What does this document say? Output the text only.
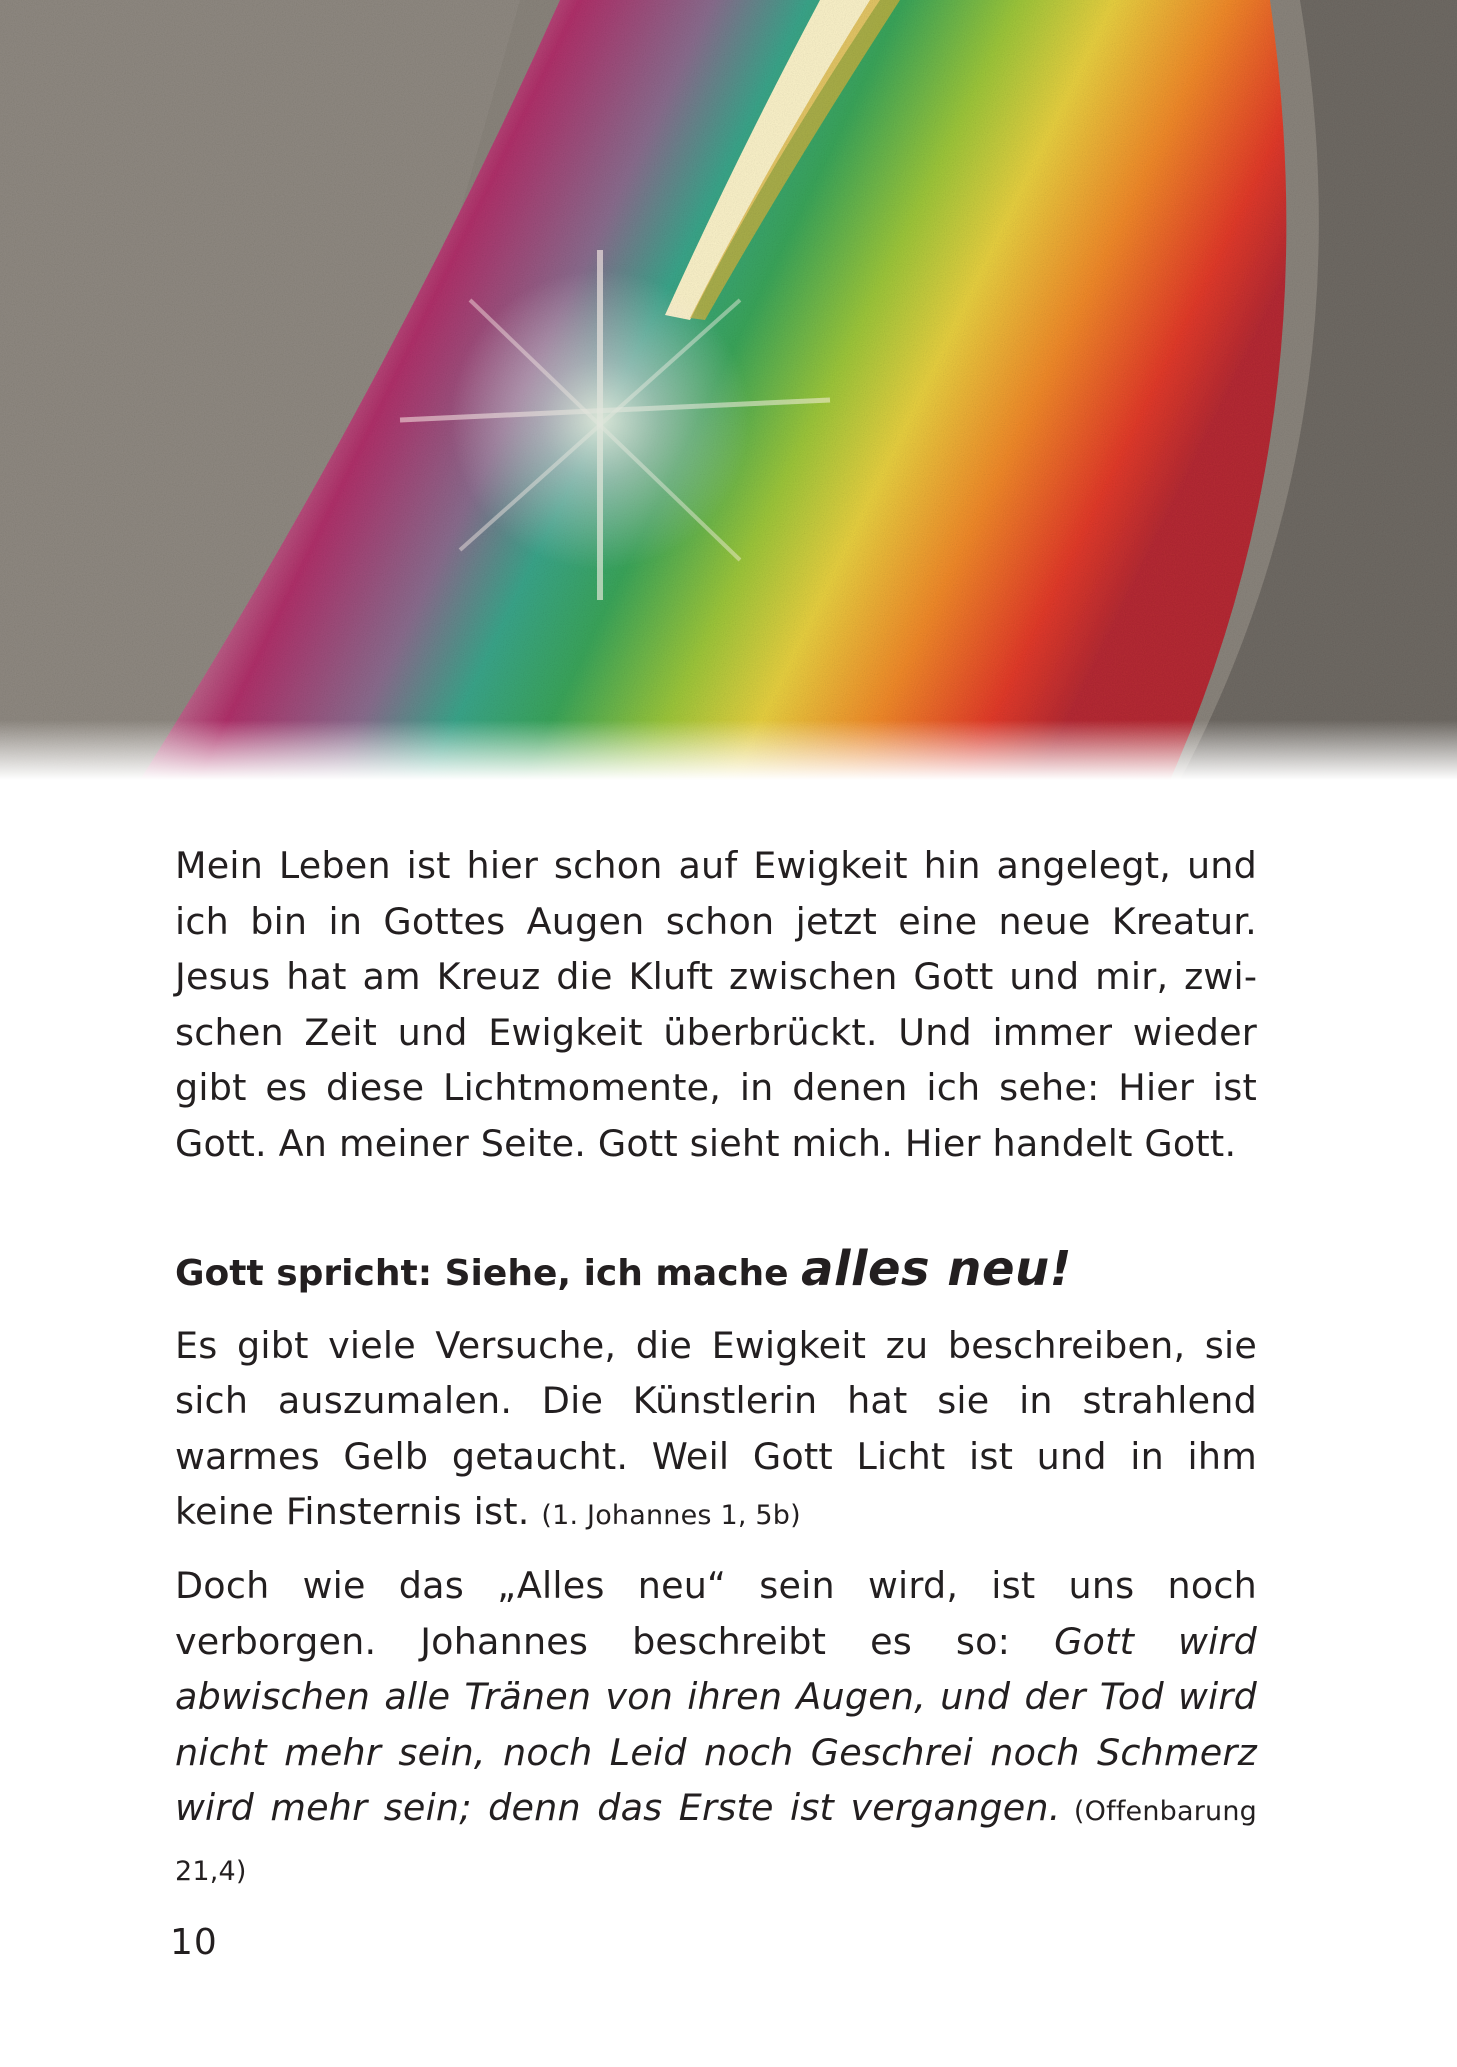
Mein Leben ist hier schon auf Ewigkeit hin angelegt, und ich bin in Gottes Augen schon jetzt eine neue Kreatur. Jesus hat am Kreuz die Kluft zwischen Gott und mir, zwischen Zeit und Ewigkeit überbrückt. Und immer wieder gibt es diese Lichtmomente, in denen ich sehe: Hier ist Gott. An meiner Seite. Gott sieht mich. Hier handelt Gott.

Gott spricht: Siehe, ich mache alles neu!

Es gibt viele Versuche, die Ewigkeit zu beschreiben, sie sich auszumalen. Die Künstlerin hat sie in strahlend warmes Gelb getaucht. Weil Gott Licht ist und in ihm keine Finsternis ist. (1. Johannes 1, 5b)

Doch wie das „Alles neu“ sein wird, ist uns noch verborgen. Johannes beschreibt es so: Gott wird abwischen alle Tränen von ihren Augen, und der Tod wird nicht mehr sein, noch Leid noch Geschrei noch Schmerz wird mehr sein; denn das Erste ist vergangen. (Offenbarung 21,4)

10
